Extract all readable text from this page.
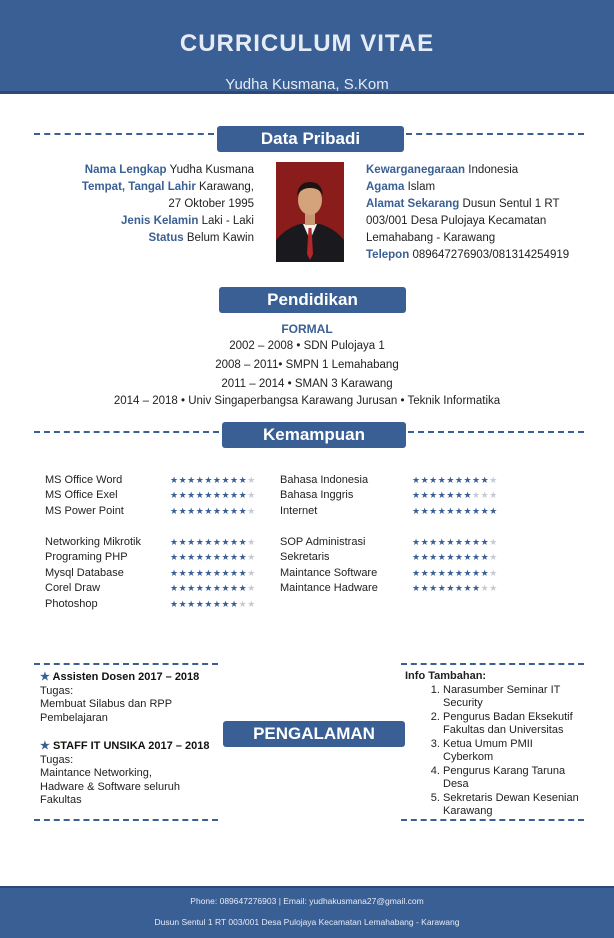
CURRICULUM VITAE
Yudha Kusmana, S.Kom
Data Pribadi
Nama Lengkap Yudha Kusmana
Tempat, Tangal Lahir Karawang,
27 Oktober 1995
Jenis Kelamin Laki - Laki
Status Belum Kawin
Kewarganegaraan Indonesia
Agama Islam
Alamat Sekarang Dusun Sentul 1 RT
003/001 Desa Pulojaya Kecamatan
Lemahabang - Karawang
Telepon 089647276903/081314254919
Pendidikan
FORMAL
2002 – 2008 • SDN Pulojaya 1
2008 – 2011• SMPN 1 Lemahabang
2011 – 2014 • SMAN 3 Karawang
2014 – 2018 • Univ Singaperbangsa Karawang Jurusan • Teknik Informatika
Kemampuan
MS Office Word	★★★★★★★★★★
MS Office Exel	★★★★★★★★★★
MS Power Point	★★★★★★★★★★
Networking Mikrotik	★★★★★★★★★★
Programing PHP	★★★★★★★★★★
Mysql Database	★★★★★★★★★★
Corel Draw	★★★★★★★★★★
Photoshop	★★★★★★★★★★
Bahasa Indonesia	★★★★★★★★★★
Bahasa Inggris	★★★★★★★★★★
Internet	★★★★★★★★★★
SOP Administrasi	★★★★★★★★★★
Sekretaris	★★★★★★★★★★
Maintance Software	★★★★★★★★★★
Maintance Hadware	★★★★★★★★★★
PENGALAMAN
★ Assisten Dosen 2017 – 2018
Tugas:
Membuat Silabus dan RPP
Pembelajaran
★ STAFF IT UNSIKA 2017 – 2018
Tugas:
Maintance Networking,
Hadware & Software seluruh
Fakultas
Info Tambahan:
1. Narasumber Seminar IT Security
2. Pengurus Badan Eksekutif Fakultas dan Universitas
3. Ketua Umum PMII Cyberkom
4. Pengurus Karang Taruna Desa
5. Sekretaris Dewan Kesenian Karawang
Phone: 089647276903 | Email: yudhakusmana27@gmail.com
Dusun Sentul 1 RT 003/001 Desa Pulojaya Kecamatan Lemahabang - Karawang
